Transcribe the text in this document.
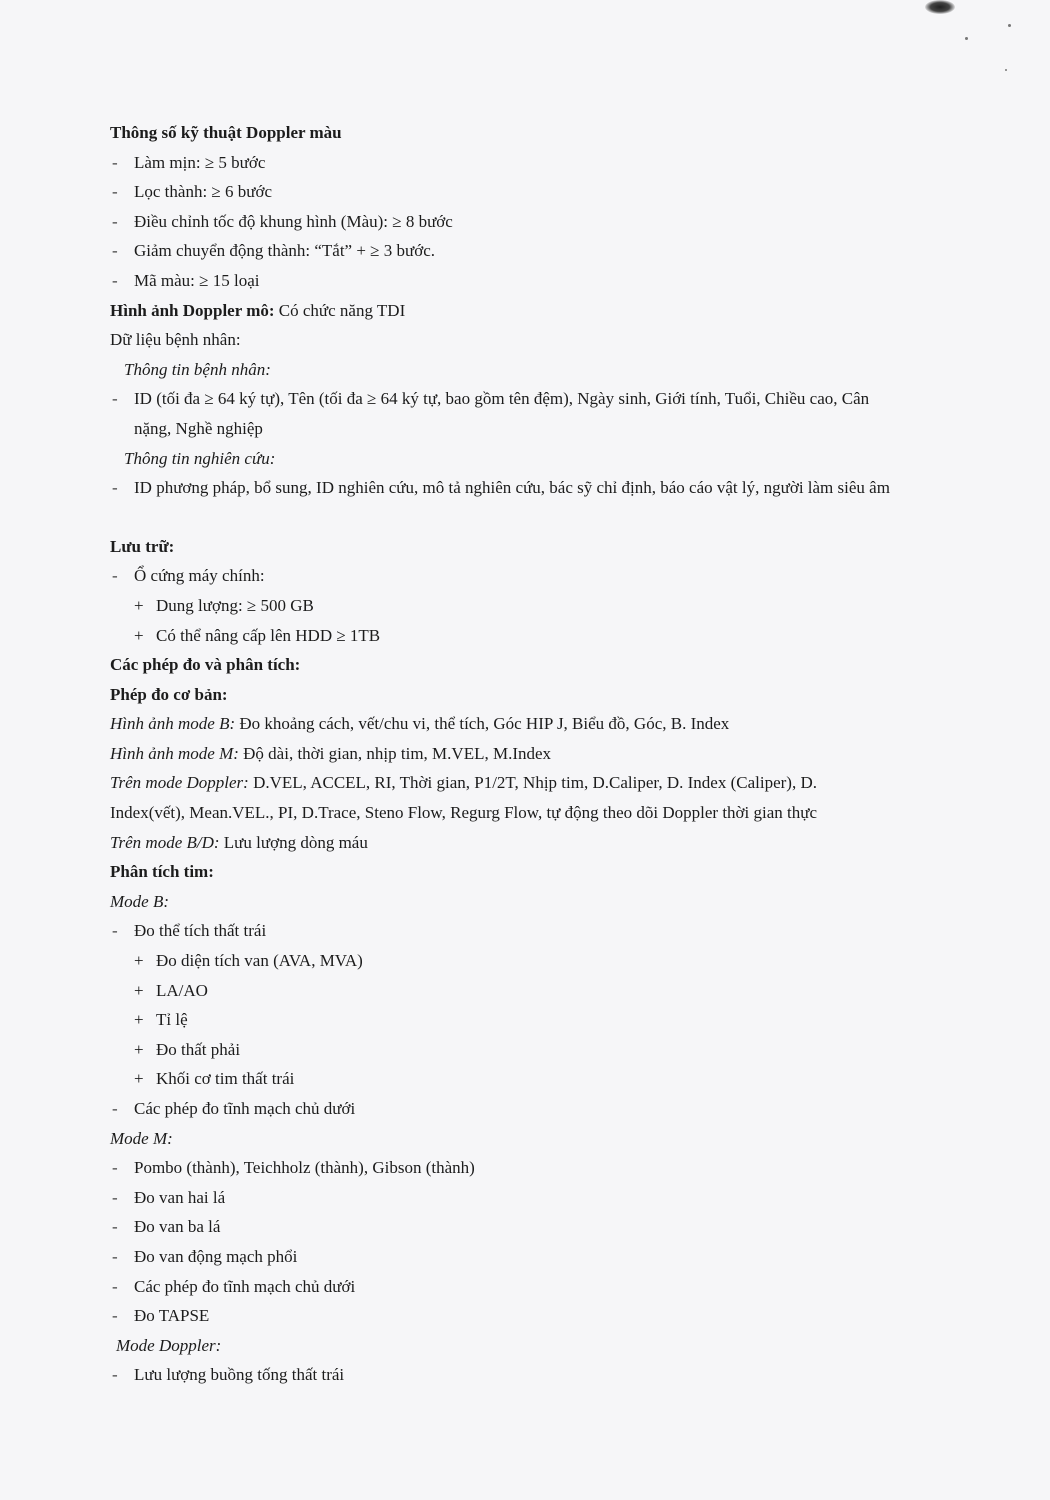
Thông số kỹ thuật Doppler màu
- Làm mịn: ≥ 5 bước
- Lọc thành: ≥ 6 bước
- Điều chỉnh tốc độ khung hình (Màu): ≥ 8 bước
- Giảm chuyển động thành: “Tắt” + ≥ 3 bước.
- Mã màu: ≥ 15 loại
Hình ảnh Doppler mô: Có chức năng TDI
Dữ liệu bệnh nhân:
Thông tin bệnh nhân:
- ID (tối đa ≥ 64 ký tự), Tên (tối đa ≥ 64 ký tự, bao gồm tên đệm), Ngày sinh, Giới tính, Tuổi, Chiều cao, Cân
nặng, Nghề nghiệp
Thông tin nghiên cứu:
- ID phương pháp, bổ sung, ID nghiên cứu, mô tả nghiên cứu, bác sỹ chỉ định, báo cáo vật lý, người làm siêu âm
Lưu trữ:
- Ổ cứng máy chính:
+ Dung lượng: ≥ 500 GB
+ Có thể nâng cấp lên HDD ≥ 1TB
Các phép đo và phân tích:
Phép đo cơ bản:
Hình ảnh mode B: Đo khoảng cách, vết/chu vi, thể tích, Góc HIP J, Biểu đồ, Góc, B. Index
Hình ảnh mode M: Độ dài, thời gian, nhịp tim, M.VEL, M.Index
Trên mode Doppler: D.VEL, ACCEL, RI, Thời gian, P1/2T, Nhịp tim, D.Caliper, D. Index (Caliper), D.
Index(vết), Mean.VEL., PI, D.Trace, Steno Flow, Regurg Flow, tự động theo dõi Doppler thời gian thực
Trên mode B/D: Lưu lượng dòng máu
Phân tích tim:
Mode B:
- Đo thể tích thất trái
+ Đo diện tích van (AVA, MVA)
+ LA/AO
+ Tỉ lệ
+ Đo thất phải
+ Khối cơ tim thất trái
- Các phép đo tĩnh mạch chủ dưới
Mode M:
- Pombo (thành), Teichholz (thành), Gibson (thành)
- Đo van hai lá
- Đo van ba lá
- Đo van động mạch phổi
- Các phép đo tĩnh mạch chủ dưới
- Đo TAPSE
Mode Doppler:
- Lưu lượng buồng tống thất trái
